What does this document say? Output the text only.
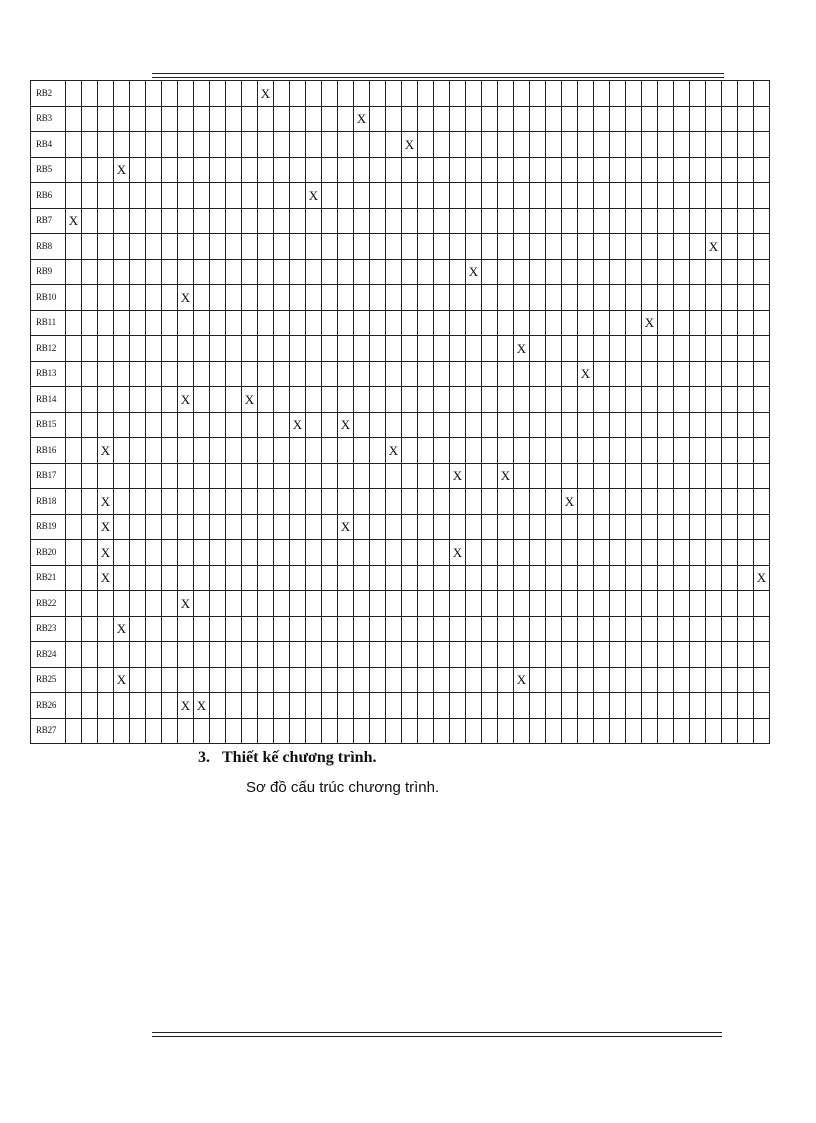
RB2													X																															
RB3																			X																									
RB4																						X																						
RB5				X																																								
RB6																X																												
RB7	X																																											
RB8																																									X			
RB9																										X																		
RB10								X																																				
RB11																																					X							
RB12																													X															
RB13																																	X											
RB14								X				X																																
RB15															X			X																										
RB16			X																		X																							
RB17																									X			X																
RB18			X																													X												
RB19			X															X																										
RB20			X																						X																			
RB21			X																																									X
RB22								X																																				
RB23				X																																								
RB24																																												
RB25				X																									X															
RB26								X	X																																			
RB27																																												
3. Thiết kế chương trình.
Sơ đồ cấu trúc chương trình.
